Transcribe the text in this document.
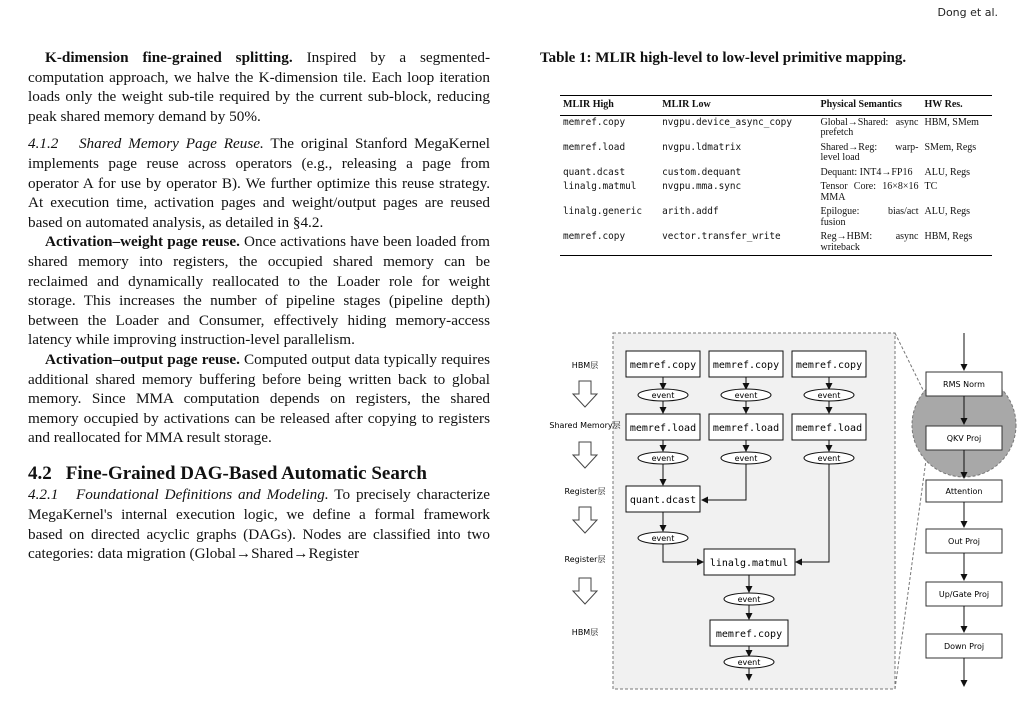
Dong et al.

K-dimension fine-grained splitting. Inspired by a segmented-computation approach, we halve the K-dimension tile. Each loop iteration loads only the weight sub-tile required by the current sub-block, reducing peak shared memory demand by 50%.

4.1.2 Shared Memory Page Reuse. The original Stanford MegaKernel implements page reuse across operators (e.g., releasing a page from operator A for use by operator B). We further optimize this reuse strategy. At execution time, activation pages and weight/output pages are reused based on automated analysis, as detailed in §4.2.

Activation–weight page reuse. Once activations have been loaded from shared memory into registers, the occupied shared memory can be reclaimed and dynamically reallocated to the Loader role for weight storage. This increases the number of pipeline stages (pipeline depth) between the Loader and Consumer, effectively hiding memory-access latency while improving instruction-level parallelism.

Activation–output page reuse. Computed output data typically requires additional shared memory buffering before being written back to global memory. Since MMA computation depends on registers, the shared memory occupied by activations can be released after copying to registers and reallocated for MMA result storage.

4.2 Fine-Grained DAG-Based Automatic Search

4.2.1 Foundational Definitions and Modeling. To precisely characterize MegaKernel's internal execution logic, we define a formal framework based on directed acyclic graphs (DAGs). Nodes are classified into two categories: data migration (Global→Shared→Register

Table 1: MLIR high-level to low-level primitive mapping.
MLIR High	MLIR Low	Physical Semantics	HW Res.
memref.copy	nvgpu.device_async_copy	Global→Shared: async prefetch	HBM, SMem
memref.load	nvgpu.ldmatrix	Shared→Reg: warp-level load	SMem, Regs
quant.dcast	custom.dequant	Dequant: INT4→FP16	ALU, Regs
linalg.matmul	nvgpu.mma.sync	Tensor Core: 16×8×16 MMA	TC
linalg.generic	arith.addf	Epilogue: bias/act fusion	ALU, Regs
memref.copy	vector.transfer_write	Reg→HBM: async writeback	HBM, Regs
HBM层
Shared Memory层
Register层
Register层
HBM层
memref.copy memref.copy memref.copy
event	event	event
memref.load memref.load memref.load
event	event	event
quant.dcast
event
linalg.matmul
event
memref.copy
event
RMS Norm
QKV Proj
Attention
Out Proj
Up/Gate Proj
Down Proj
